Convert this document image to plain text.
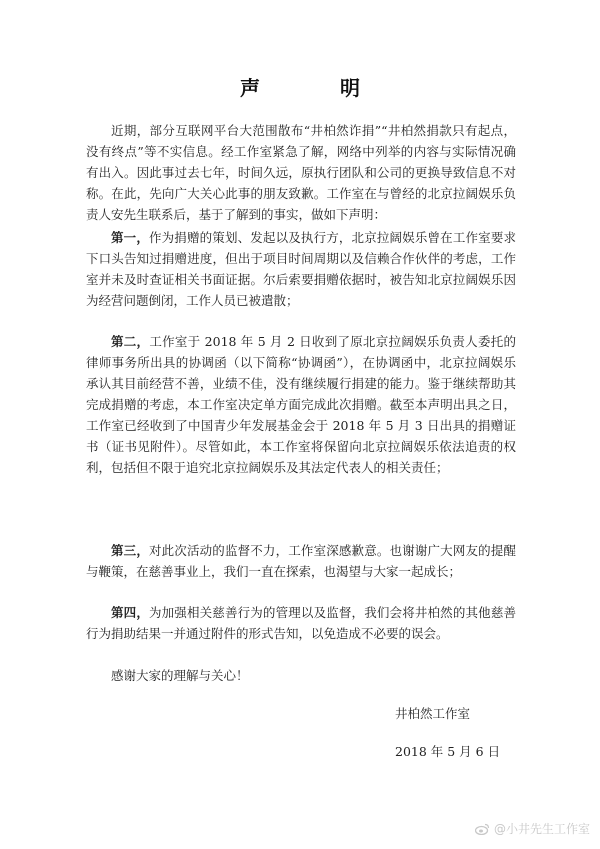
声　明

近期，部分互联网平台大范围散布“井柏然诈捐”“井柏然捐款只有起点，没有终点”等不实信息。经工作室紧急了解，网络中列举的内容与实际情况确有出入。因此事过去七年，时间久远，原执行团队和公司的更换导致信息不对称。在此，先向广大关心此事的朋友致歉。工作室在与曾经的北京拉阔娱乐负责人安先生联系后，基于了解到的事实，做如下声明：

第一，作为捐赠的策划、发起以及执行方，北京拉阔娱乐曾在工作室要求下口头告知过捐赠进度，但出于项目时间周期以及信赖合作伙伴的考虑，工作室并未及时查证相关书面证据。尔后索要捐赠依据时，被告知北京拉阔娱乐因为经营问题倒闭，工作人员已被遣散；

第二，工作室于 2018 年 5 月 2 日收到了原北京拉阔娱乐负责人委托的律师事务所出具的协调函（以下简称“协调函”），在协调函中，北京拉阔娱乐承认其目前经营不善，业绩不佳，没有继续履行捐建的能力。鉴于继续帮助其完成捐赠的考虑，本工作室决定单方面完成此次捐赠。截至本声明出具之日，工作室已经收到了中国青少年发展基金会于 2018 年 5 月 3 日出具的捐赠证书（证书见附件）。尽管如此，本工作室将保留向北京拉阔娱乐依法追责的权利，包括但不限于追究北京拉阔娱乐及其法定代表人的相关责任；

第三，对此次活动的监督不力，工作室深感歉意。也谢谢广大网友的提醒与鞭策，在慈善事业上，我们一直在探索，也渴望与大家一起成长；

第四，为加强相关慈善行为的管理以及监督，我们会将井柏然的其他慈善行为捐助结果一并通过附件的形式告知，以免造成不必要的误会。

感谢大家的理解与关心！

井柏然工作室
2018 年 5 月 6 日
@小井先生工作室
